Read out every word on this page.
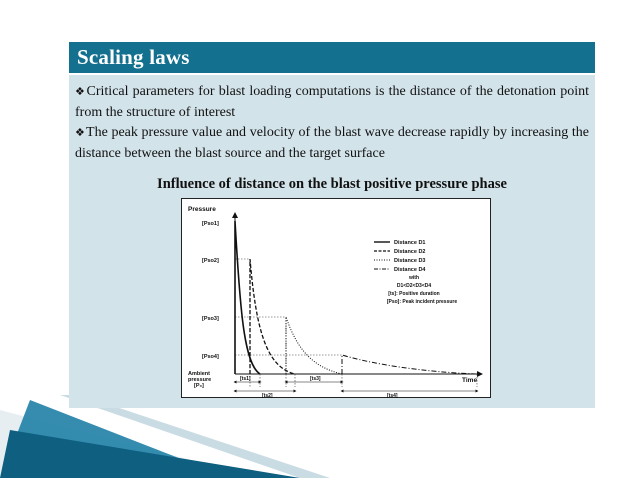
Scaling laws
❖Critical parameters for blast loading computations is the distance of the detonation point from the structure of interest
❖The peak pressure value and velocity of the blast wave decrease rapidly by increasing the distance between the blast source and the target surface
Influence of distance on the blast positive pressure phase
Pressure
Time
[Pso1]
[Pso2]
[Pso3]
[Pso4]
Ambient
pressure
[P₀]
[ts1]
[ts2]
[ts3]
[ts4]
Distance D1
Distance D2
Distance D3
Distance D4
with
D1<D2<D3<D4
[ts]: Positive duration
[Pso]: Peak incident pressure
